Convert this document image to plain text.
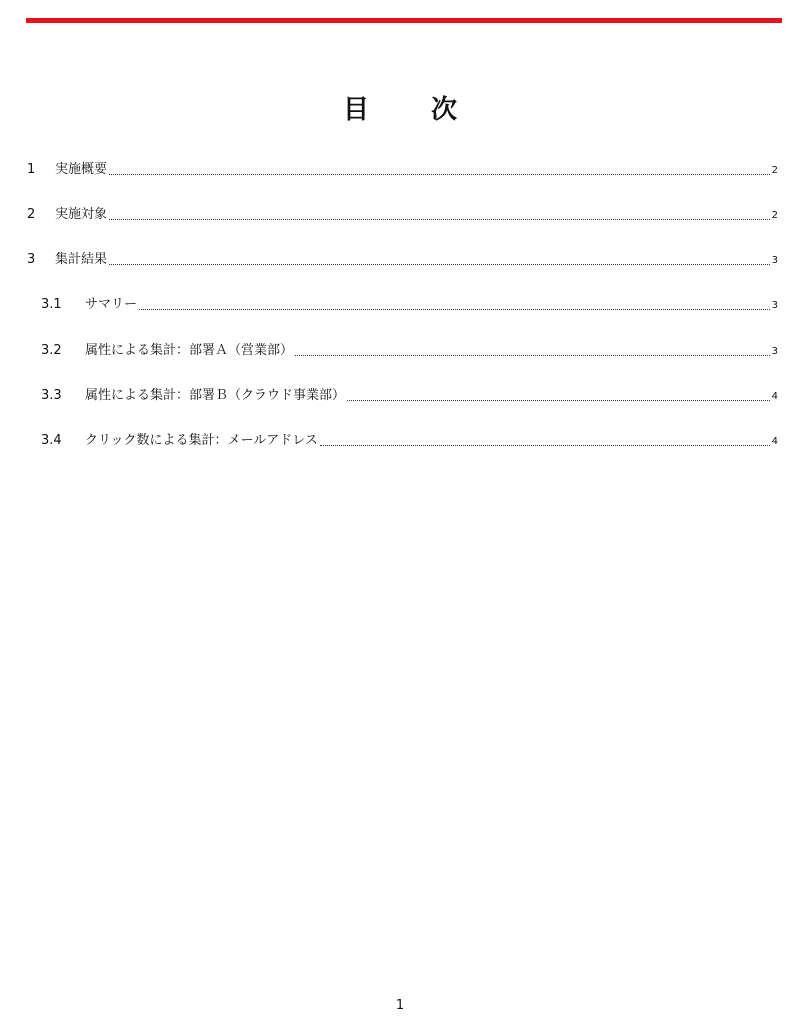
目 次
1	実施概要	2
2	実施対象	2
3	集計結果	3
3.1	サマリー	3
3.2	属性による集計：部署Ａ（営業部）	3
3.3	属性による集計：部署Ｂ（クラウド事業部）	4
3.4	クリック数による集計：メールアドレス	4
1
